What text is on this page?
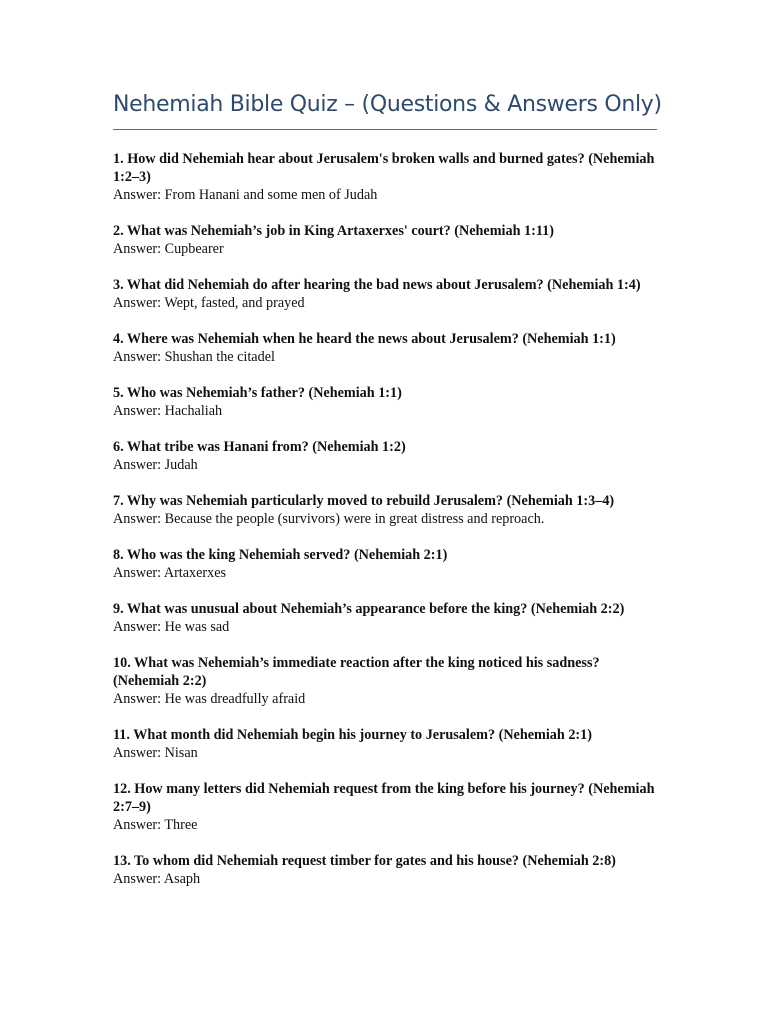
Nehemiah Bible Quiz – (Questions & Answers Only)

1. How did Nehemiah hear about Jerusalem's broken walls and burned gates? (Nehemiah 1:2–3)

Answer: From Hanani and some men of Judah

2. What was Nehemiah’s job in King Artaxerxes' court? (Nehemiah 1:11)

Answer: Cupbearer

3. What did Nehemiah do after hearing the bad news about Jerusalem? (Nehemiah 1:4)

Answer: Wept, fasted, and prayed

4. Where was Nehemiah when he heard the news about Jerusalem? (Nehemiah 1:1)

Answer: Shushan the citadel

5. Who was Nehemiah’s father? (Nehemiah 1:1)

Answer: Hachaliah

6. What tribe was Hanani from? (Nehemiah 1:2)

Answer: Judah

7. Why was Nehemiah particularly moved to rebuild Jerusalem? (Nehemiah 1:3–4)

Answer: Because the people (survivors) were in great distress and reproach.

8. Who was the king Nehemiah served? (Nehemiah 2:1)

Answer: Artaxerxes

9. What was unusual about Nehemiah’s appearance before the king? (Nehemiah 2:2)

Answer: He was sad

10. What was Nehemiah’s immediate reaction after the king noticed his sadness? (Nehemiah 2:2)

Answer: He was dreadfully afraid

11. What month did Nehemiah begin his journey to Jerusalem? (Nehemiah 2:1)

Answer: Nisan

12. How many letters did Nehemiah request from the king before his journey? (Nehemiah 2:7–9)

Answer: Three

13. To whom did Nehemiah request timber for gates and his house? (Nehemiah 2:8)

Answer: Asaph
